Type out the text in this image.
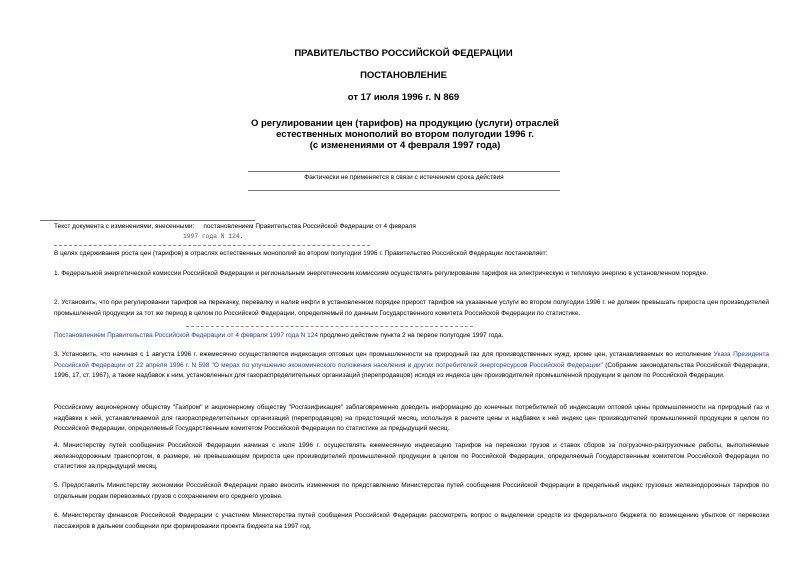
ПРАВИТЕЛЬСТВО РОССИЙСКОЙ ФЕДЕРАЦИИ
ПОСТАНОВЛЕНИЕ
от 17 июля 1996 г. N 869
О регулировании цен (тарифов) на продукцию (услуги) отраслей
естественных монополий во втором полугодии 1996 г.
(с изменениями от 4 февраля 1997 года)
Фактически не применяется в связи с истечением срока действия
Текст документа с изменениями, внесенными: постановлением Правительства Российской Федерации от 4 февраля
1997 года N 124.
В целях сдерживания роста цен (тарифов) в отраслях естественных монополий во втором полугодии 1996 г. Правительство Российской Федерации постановляет:
1. Федеральной энергетической комиссии Российской Федерации и региональным энергетическим комиссиям осуществлять регулирование тарифов на электрическую и тепловую энергию в установленном порядке.
2. Установить, что при регулировании тарифов на перекачку, перевалку и налив нефти в установленном порядке прирост тарифов на указанные услуги во втором полугодии 1996 г. не должен превышать прироста цен производителей промышленной продукции за тот же период в целом по Российской Федерации, определяемый по данным Государственного комитета Российской Федерации по статистике.
Постановлением Правительства Российской Федерации от 4 февраля 1997 года N 124 продлено действие пункта 2 на первое полугодие 1997 года.
3. Установить, что начиная с 1 августа 1996 г. ежемесячно осуществляется индексация оптовых цен промышленности на природный газ для производственных нужд, кроме цен, устанавливаемых во исполнение Указа Президента Российской Федерации от 22 апреля 1996 г. N 598 "О мерах по улучшению экономического положения населения и других потребителей энергоресурсов Российской Федерации" (Собрание законодательства Российской Федерации, 1996, 17, ст. 1967), а также надбавок к ним, установленных для газораспределительных организаций (перепродавцов) исходя из индекса цен производителей промышленной продукции в целом по Российской Федерации.
Российскому акционерному обществу "Газпром" и акционерному обществу "Росгазификация" заблаговременно доводить информацию до конечных потребителей об индексации оптовой цены промышленности на природный газ и надбавки к ней, устанавливаемой для газораспределительных организаций (перепродавцов) на предстоящий месяц, используя в расчете цены и надбавки к ней индекс цен производителей промышленной продукции в целом по Российской Федерации, определяемый Государственным комитетом Российской Федерации по статистике за предыдущий месяц.
4. Министерству путей сообщения Российской Федерации начиная с июля 1996 г. осуществлять ежемесячную индексацию тарифов на перевозки грузов и ставок сборов за погрузочно-разгрузочные работы, выполняемые железнодорожным транспортом, в размере, не превышающем прироста цен производителей промышленной продукции в целом по Российской Федерации, определяемый Государственным комитетом Российской Федерации по статистике за предыдущий месяц.
5. Предоставить Министерству экономики Российской Федерации право вносить изменения по представлению Министерства путей сообщения Российской Федерации в предельный индекс грузовых железнодорожных тарифов по отдельным родам перевозимых грузов с сохранением его среднего уровня.
6. Министерству финансов Российской Федерации с участием Министерства путей сообщения Российской Федерации рассмотреть вопрос о выделении средств из федерального бюджета по возмещению убытков от перевозки пассажиров в дальнем сообщении при формировании проекта бюджета на 1997 год.
